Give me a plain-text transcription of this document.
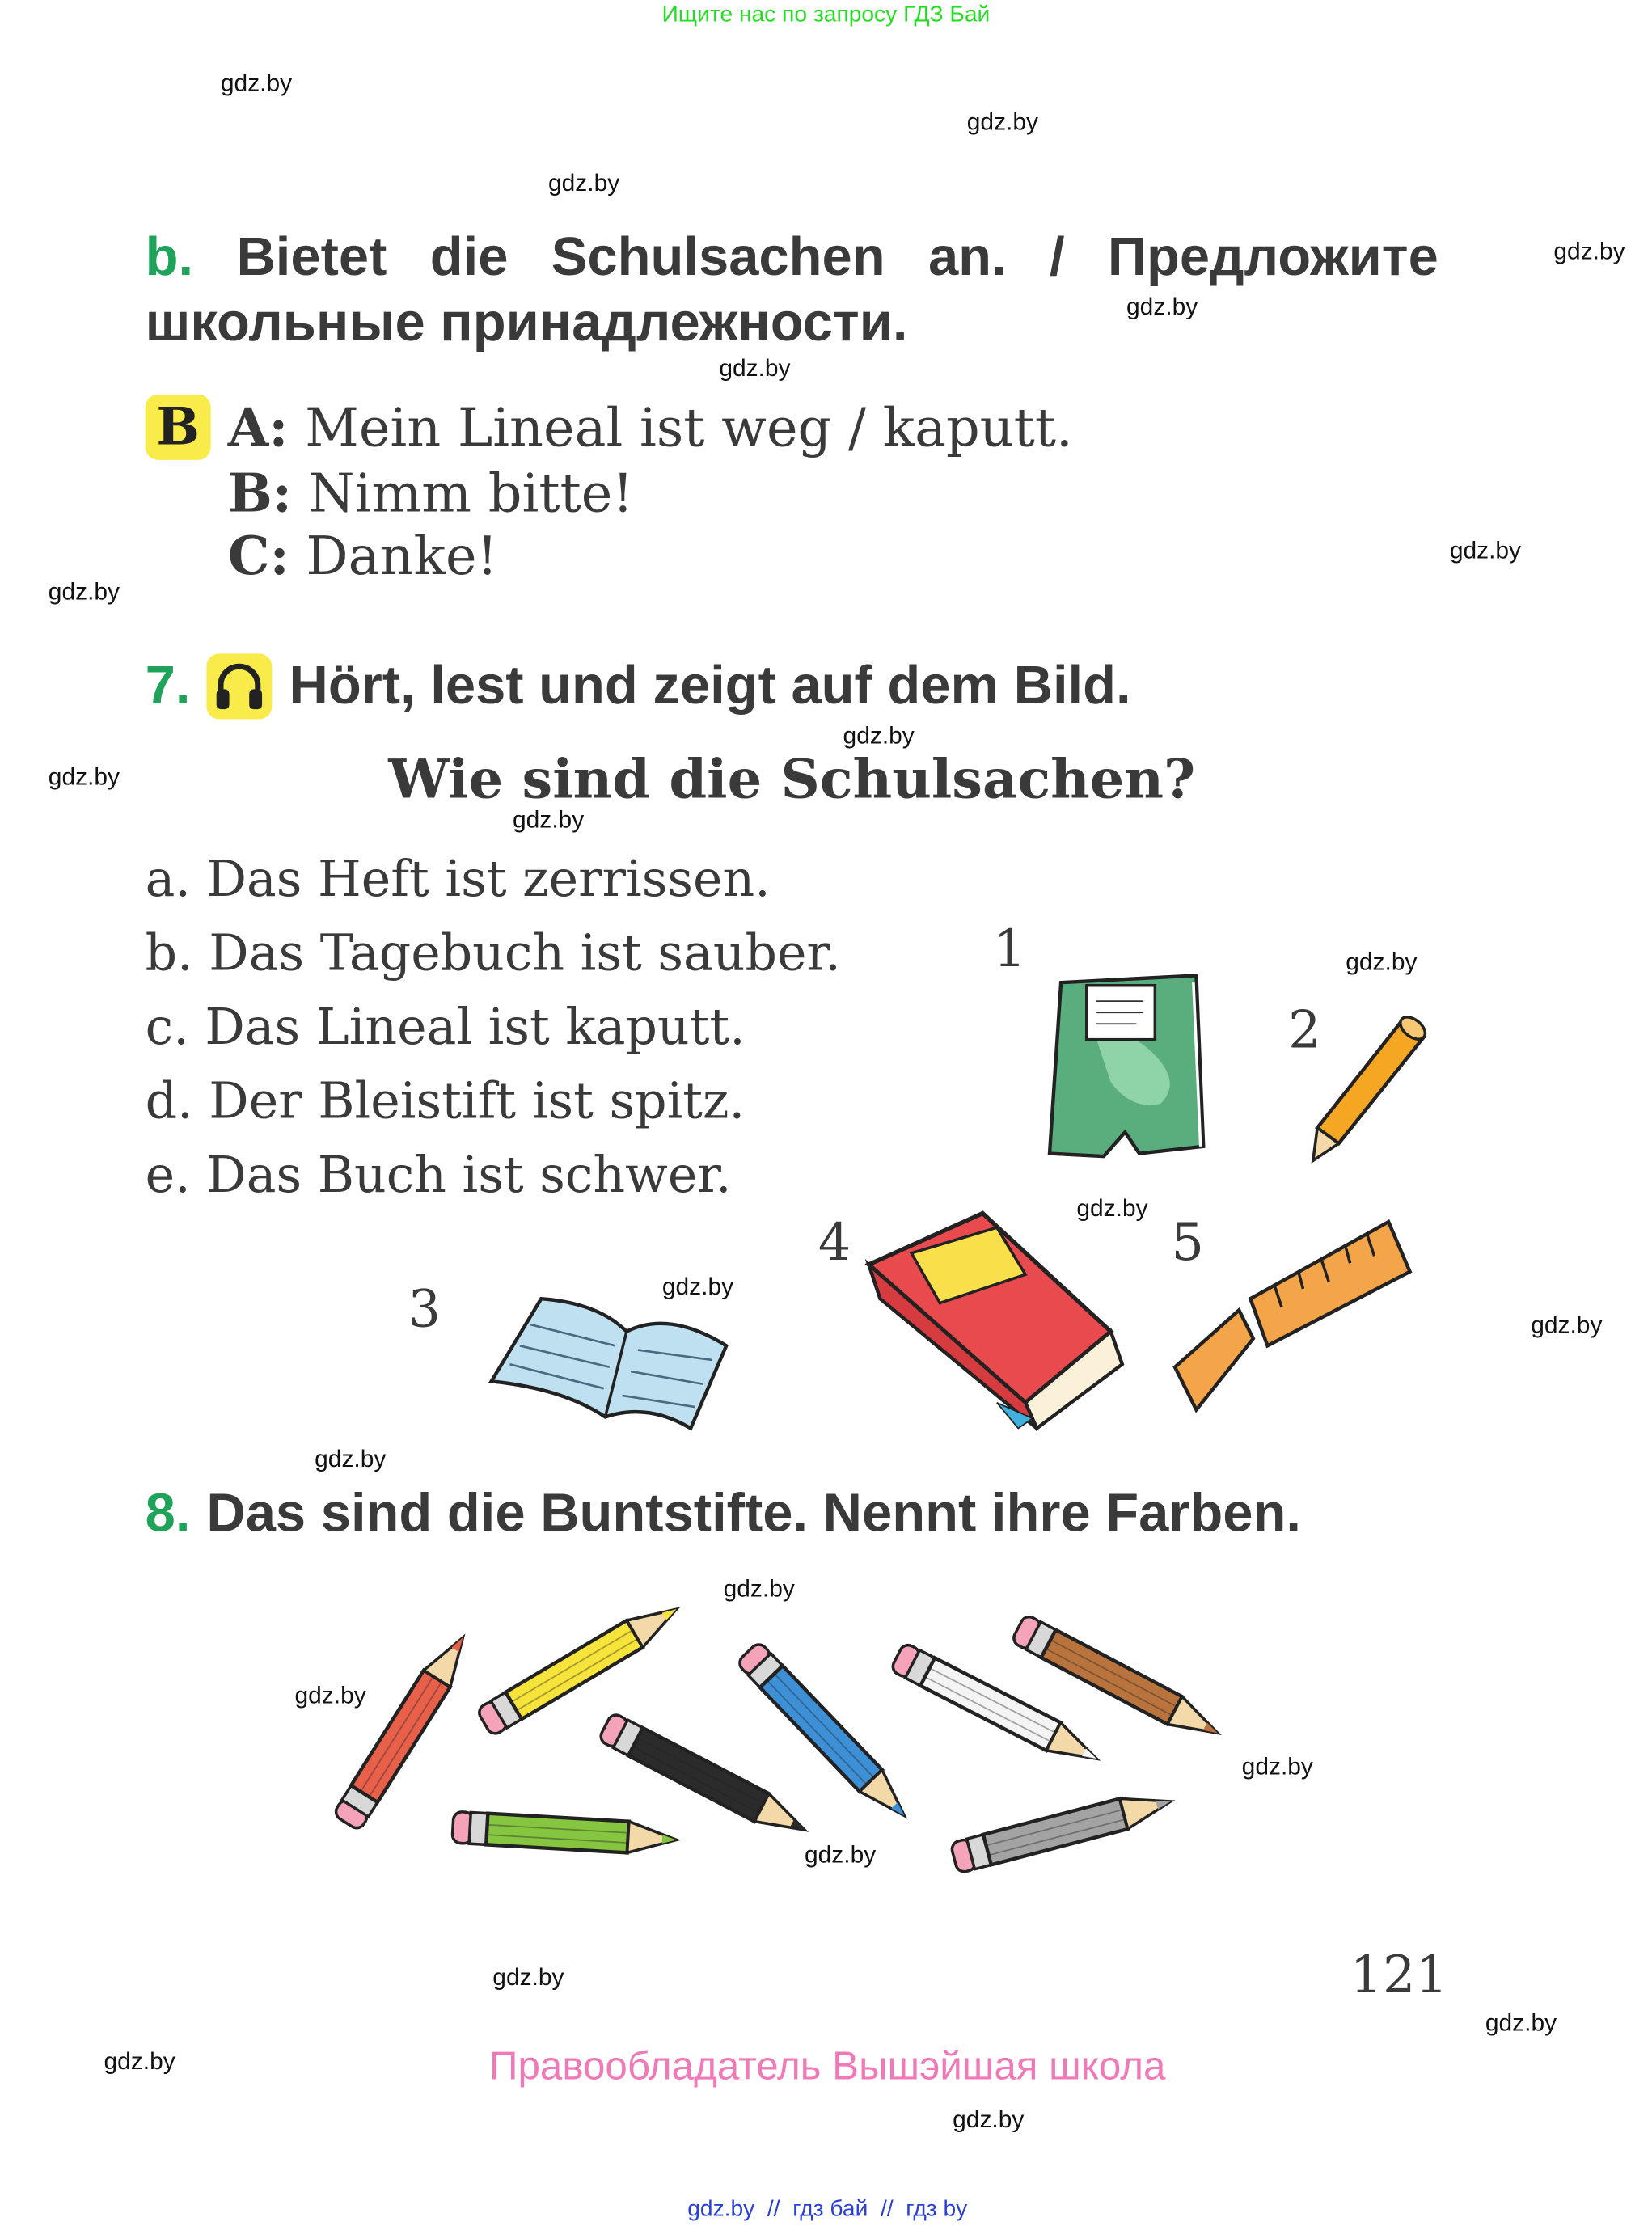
Ищите нас по запросу ГДЗ Бай
gdz.by
gdz.by
gdz.by
gdz.by
gdz.by
gdz.by
gdz.by
gdz.by
gdz.by
gdz.by
gdz.by
gdz.by
gdz.by
gdz.by
gdz.by
gdz.by
gdz.by
gdz.by
gdz.by
gdz.by
gdz.by
gdz.by
gdz.by
gdz.by
b. Bietet die Schulsachen an. / Предложите
школьные принадлежности.
B A: Mein Lineal ist weg / kaputt.
B: Nimm bitte!
C: Danke!
7.	Hört, lest und zeigt auf dem Bild.
Wie sind die Schulsachen?
a. Das Heft ist zerrissen.
b. Das Tagebuch ist sauber.
c. Das Lineal ist kaputt.
d. Der Bleistift ist spitz.
e. Das Buch ist schwer.
1
2
3
4	5
8. Das sind die Buntstifte. Nennt ihre Farben.
121
Правообладатель Вышэйшая школа
gdz.by  //  гдз бай  //  гдз by
